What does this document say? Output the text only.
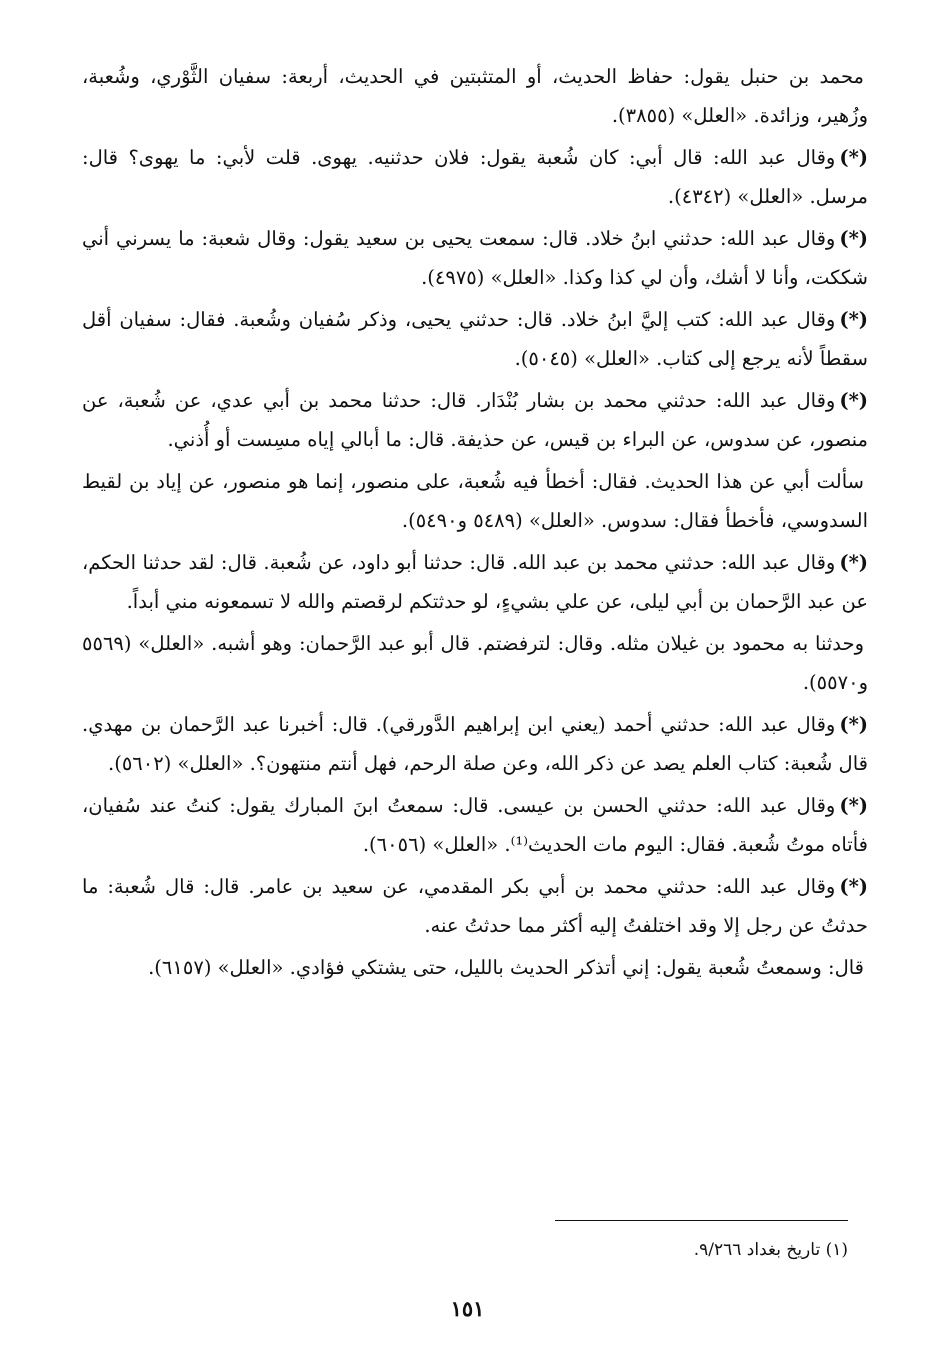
محمد بن حنبل يقول: حفاظ الحديث، أو المتثبتين في الحديث، أربعة: سفيان الثَّوْري، وشُعبة، وزُهير، وزائدة. «العلل» (٣٨٥٥).

(*)وقال عبد الله: قال أبي: كان شُعبة يقول: فلان حدثنيه. يهوى. قلت لأبي: ما يهوى؟ قال: مرسل. «العلل» (٤٣٤٢).

(*)وقال عبد الله: حدثني ابنُ خلاد. قال: سمعت يحيى بن سعيد يقول: وقال شعبة: ما يسرني أني شككت، وأنا لا أشك، وأن لي كذا وكذا. «العلل» (٤٩٧٥).

(*)وقال عبد الله: كتب إليَّ ابنُ خلاد. قال: حدثني يحيى، وذكر سُفيان وشُعبة. فقال: سفيان أقل سقطاً لأنه يرجع إلى كتاب. «العلل» (٥٠٤٥).

(*)وقال عبد الله: حدثني محمد بن بشار بُنْدَار. قال: حدثنا محمد بن أبي عدي، عن شُعبة، عن منصور، عن سدوس، عن البراء بن قيس، عن حذيفة. قال: ما أبالي إياه مسِست أو أُذني.

سألت أبي عن هذا الحديث. فقال: أخطأ فيه شُعبة، على منصور، إنما هو منصور، عن إياد بن لقيط السدوسي، فأخطأ فقال: سدوس. «العلل» (٥٤٨٩ و٥٤٩٠).

(*)وقال عبد الله: حدثني محمد بن عبد الله. قال: حدثنا أبو داود، عن شُعبة. قال: لقد حدثنا الحكم، عن عبد الرَّحمان بن أبي ليلى، عن علي بشيءٍ، لو حدثتكم لرقصتم والله لا تسمعونه مني أبداً.

وحدثنا به محمود بن غيلان مثله. وقال: لترفضتم. قال أبو عبد الرَّحمان: وهو أشبه. «العلل» (٥٥٦٩ و٥٥٧٠).

(*)وقال عبد الله: حدثني أحمد (يعني ابن إبراهيم الدَّورقي). قال: أخبرنا عبد الرَّحمان بن مهدي. قال شُعبة: كتاب العلم يصد عن ذكر الله، وعن صلة الرحم، فهل أنتم منتهون؟. «العلل» (٥٦٠٢).

(*)وقال عبد الله: حدثني الحسن بن عيسى. قال: سمعتُ ابنَ المبارك يقول: كنتُ عند سُفيان، فأتاه موتُ شُعبة. فقال: اليوم مات الحديث⁽¹⁾. «العلل» (٦٠٥٦).

(*)وقال عبد الله: حدثني محمد بن أبي بكر المقدمي، عن سعيد بن عامر. قال: قال شُعبة: ما حدثتُ عن رجل إلا وقد اختلفتُ إليه أكثر مما حدثتُ عنه.

قال: وسمعتُ شُعبة يقول: إني أتذكر الحديث بالليل، حتى يشتكي فؤادي. «العلل» (٦١٥٧).

(١) تاريخ بغداد ٩/٢٦٦.
١٥١
